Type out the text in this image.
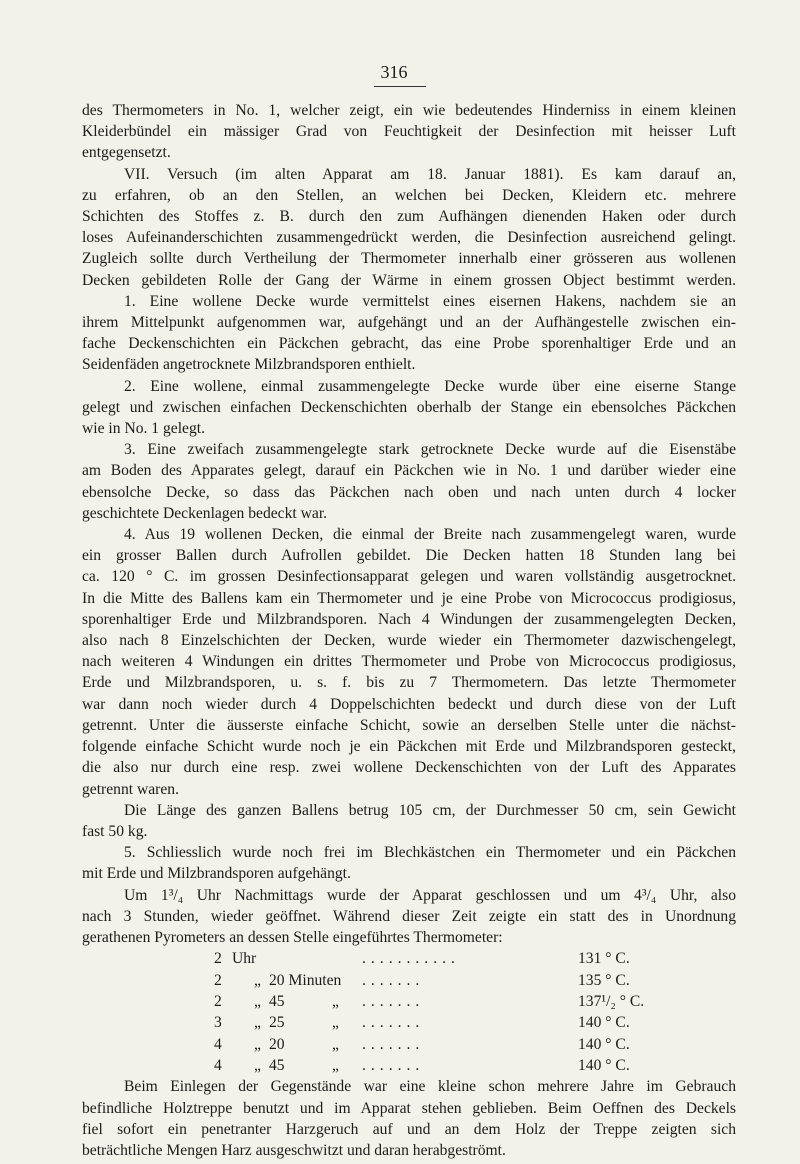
316
des Thermometers in No. 1, welcher zeigt, ein wie bedeutendes Hinderniss in einem kleinen
Kleiderbündel ein mässiger Grad von Feuchtigkeit der Desinfection mit heisser Luft
entgegensetzt.
VII. Versuch (im alten Apparat am 18. Januar 1881). Es kam darauf an,
zu erfahren, ob an den Stellen, an welchen bei Decken, Kleidern etc. mehrere
Schichten des Stoffes z. B. durch den zum Aufhängen dienenden Haken oder durch
loses Aufeinanderschichten zusammengedrückt werden, die Desinfection ausreichend gelingt.
Zugleich sollte durch Vertheilung der Thermometer innerhalb einer grösseren aus wollenen
Decken gebildeten Rolle der Gang der Wärme in einem grossen Object bestimmt werden.
1. Eine wollene Decke wurde vermittelst eines eisernen Hakens, nachdem sie an
ihrem Mittelpunkt aufgenommen war, aufgehängt und an der Aufhängestelle zwischen ein-
fache Deckenschichten ein Päckchen gebracht, das eine Probe sporenhaltiger Erde und an
Seidenfäden angetrocknete Milzbrandsporen enthielt.
2. Eine wollene, einmal zusammengelegte Decke wurde über eine eiserne Stange
gelegt und zwischen einfachen Deckenschichten oberhalb der Stange ein ebensolches Päckchen
wie in No. 1 gelegt.
3. Eine zweifach zusammengelegte stark getrocknete Decke wurde auf die Eisenstäbe
am Boden des Apparates gelegt, darauf ein Päckchen wie in No. 1 und darüber wieder eine
ebensolche Decke, so dass das Päckchen nach oben und nach unten durch 4 locker
geschichtete Deckenlagen bedeckt war.
4. Aus 19 wollenen Decken, die einmal der Breite nach zusammengelegt waren, wurde
ein grosser Ballen durch Aufrollen gebildet. Die Decken hatten 18 Stunden lang bei
ca. 120 ° C. im grossen Desinfectionsapparat gelegen und waren vollständig ausgetrocknet.
In die Mitte des Ballens kam ein Thermometer und je eine Probe von Micrococcus prodigiosus,
sporenhaltiger Erde und Milzbrandsporen. Nach 4 Windungen der zusammengelegten Decken,
also nach 8 Einzelschichten der Decken, wurde wieder ein Thermometer dazwischengelegt,
nach weiteren 4 Windungen ein drittes Thermometer und Probe von Micrococcus prodigiosus,
Erde und Milzbrandsporen, u. s. f. bis zu 7 Thermometern. Das letzte Thermometer
war dann noch wieder durch 4 Doppelschichten bedeckt und durch diese von der Luft
getrennt. Unter die äusserste einfache Schicht, sowie an derselben Stelle unter die nächst-
folgende einfache Schicht wurde noch je ein Päckchen mit Erde und Milzbrandsporen gesteckt,
die also nur durch eine resp. zwei wollene Deckenschichten von der Luft des Apparates
getrennt waren.
Die Länge des ganzen Ballens betrug 105 cm, der Durchmesser 50 cm, sein Gewicht
fast 50 kg.
5. Schliesslich wurde noch frei im Blechkästchen ein Thermometer und ein Päckchen
mit Erde und Milzbrandsporen aufgehängt.
Um 1³/₄ Uhr Nachmittags wurde der Apparat geschlossen und um 4³/₄ Uhr, also
nach 3 Stunden, wieder geöffnet. Während dieser Zeit zeigte ein statt des in Unordnung
gerathenen Pyrometers an dessen Stelle eingeführtes Thermometer:
2 Uhr	...........	131 ° C.
2 „ 20 Minuten .......	135 ° C.
2 „ 45	„ .......	137¹/₂ ° C.
3 „ 25	„ .......	140 ° C.
4 „ 20	„ .......	140 ° C.
4 „ 45	„ .......	140 ° C.
Beim Einlegen der Gegenstände war eine kleine schon mehrere Jahre im Gebrauch
befindliche Holztreppe benutzt und im Apparat stehen geblieben. Beim Oeffnen des Deckels
fiel sofort ein penetranter Harzgeruch auf und an dem Holz der Treppe zeigten sich
beträchtliche Mengen Harz ausgeschwitzt und daran herabgeströmt.
